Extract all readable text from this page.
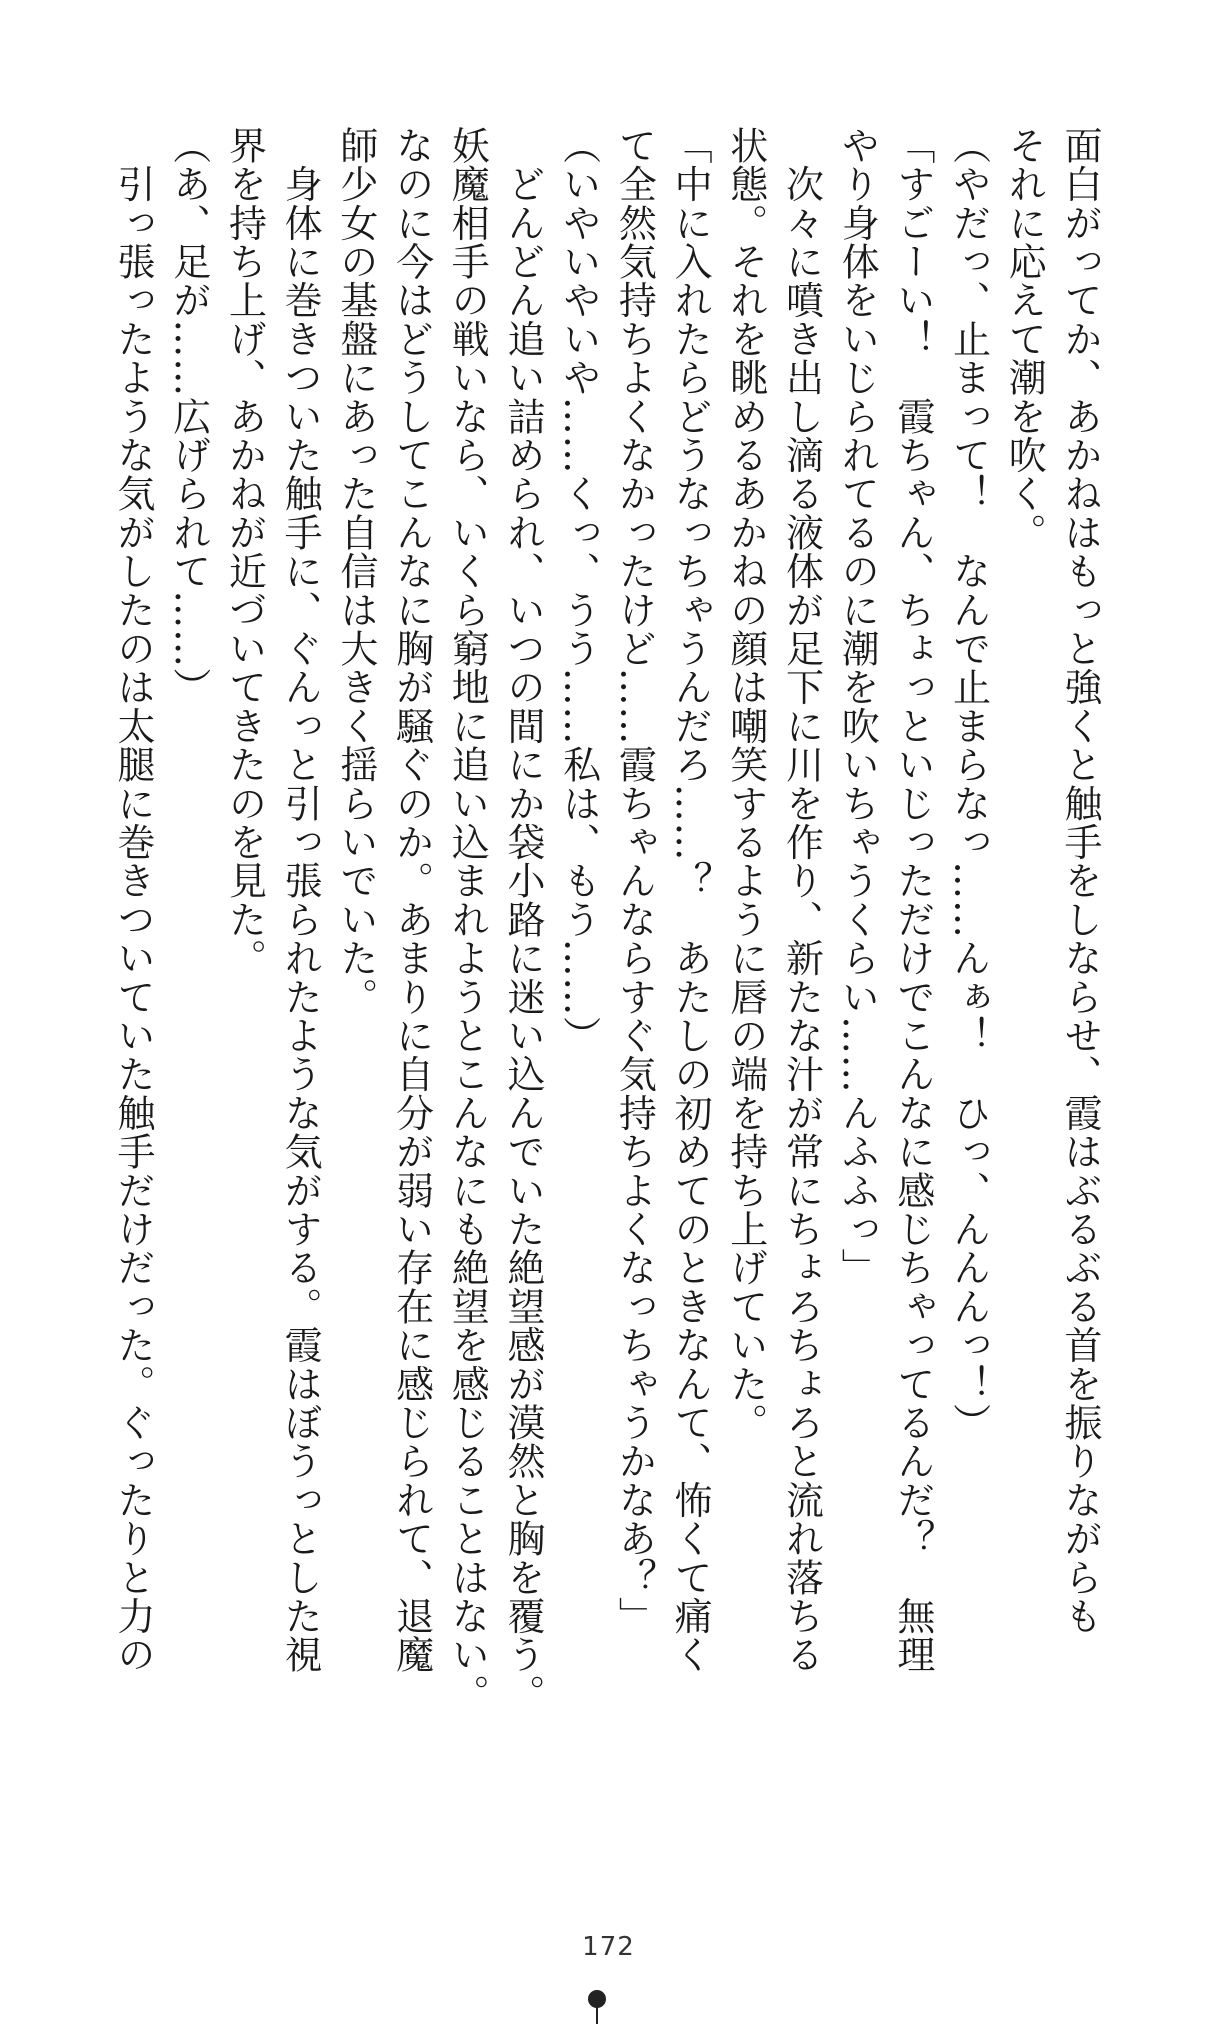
面白がってか、あかねはもっと強くと触手をしならせ、霞はぶるぶる首を振りながらも
それに応えて潮を吹く。
（やだっ、止まって！　なんで止まらなっ……んぁ！　ひっ、んんんっ！）
「すごーい！　霞ちゃん、ちょっといじっただけでこんなに感じちゃってるんだ？　無理
やり身体をいじられてるのに潮を吹いちゃうくらい……んふふっ」
　次々に噴き出し滴る液体が足下に川を作り、新たな汁が常にちょろちょろと流れ落ちる
状態。それを眺めるあかねの顔は嘲笑するように唇の端を持ち上げていた。
「中に入れたらどうなっちゃうんだろ……？　あたしの初めてのときなんて、怖くて痛く
て全然気持ちよくなかったけど……霞ちゃんならすぐ気持ちよくなっちゃうかなあ？」
（いやいやいや……くっ、うう……私は、もう……）
　どんどん追い詰められ、いつの間にか袋小路に迷い込んでいた絶望感が漠然と胸を覆う。
妖魔相手の戦いなら、いくら窮地に追い込まれようとこんなにも絶望を感じることはない。
なのに今はどうしてこんなに胸が騒ぐのか。あまりに自分が弱い存在に感じられて、退魔
師少女の基盤にあった自信は大きく揺らいでいた。
　身体に巻きついた触手に、ぐんっと引っ張られたような気がする。霞はぼうっとした視
界を持ち上げ、あかねが近づいてきたのを見た。
（あ、足が……広げられて……）
　引っ張ったような気がしたのは太腿に巻きついていた触手だけだった。ぐったりと力の
172
